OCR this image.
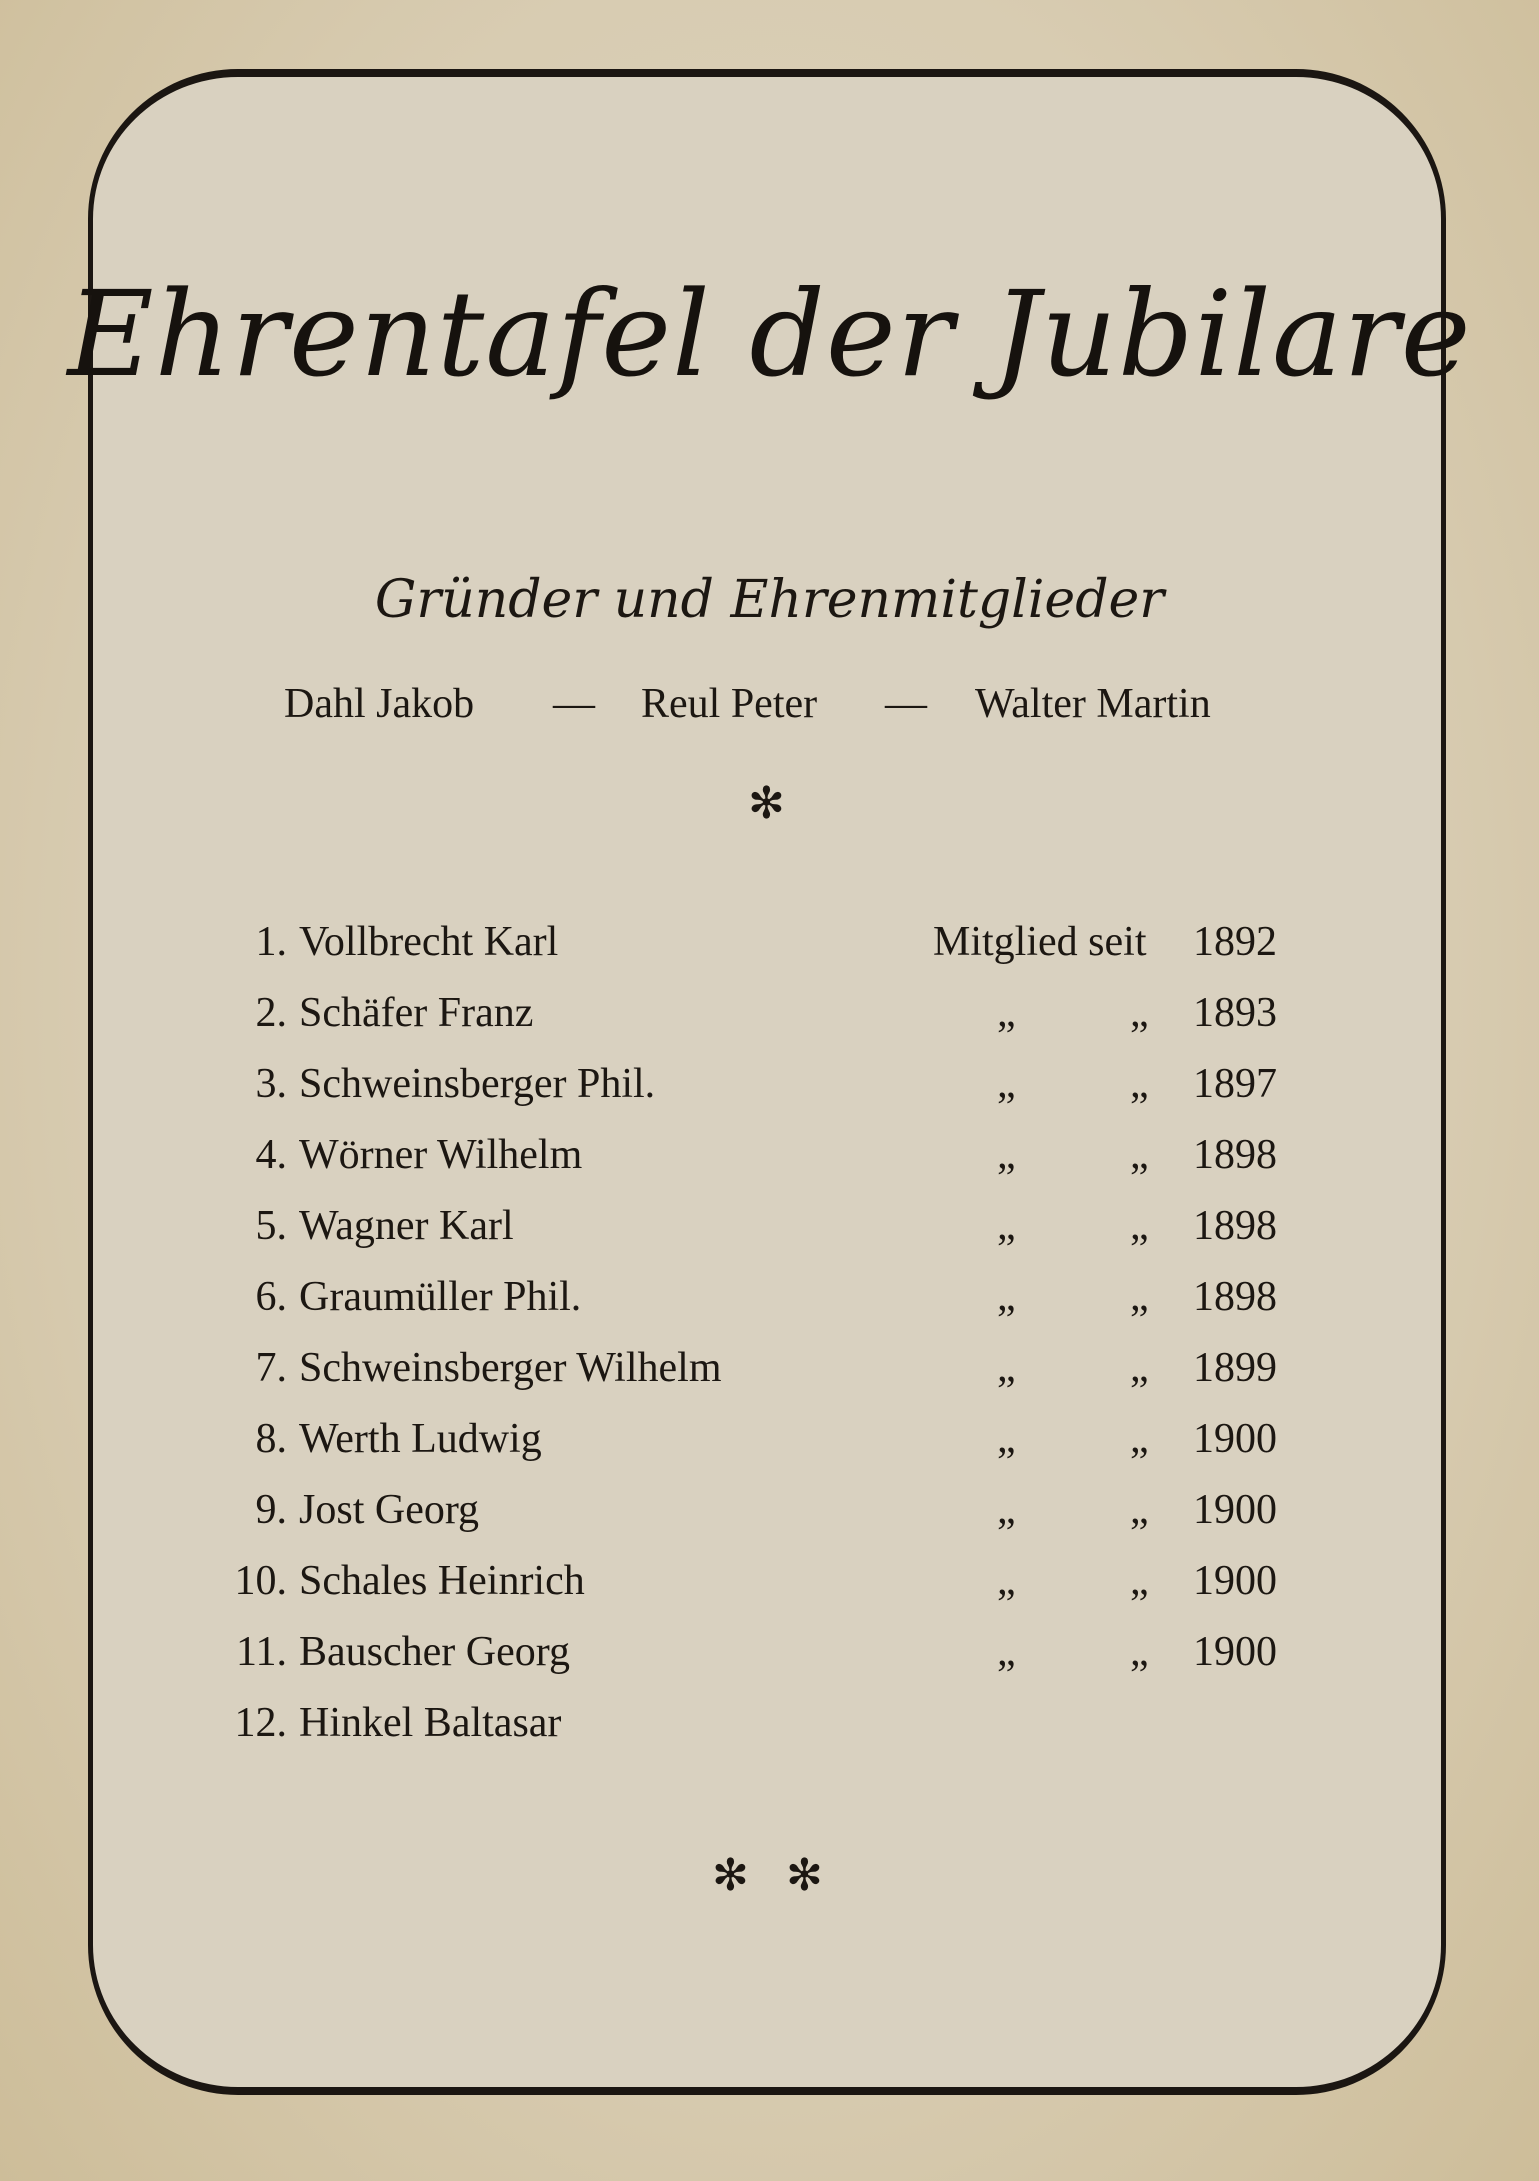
Ehrentafel der Jubilare
Gründer und Ehrenmitglieder
Dahl Jakob — Reul Peter — Walter Martin
✻
1. Vollbrecht Karl	Mitglied seit 1892
2. Schäfer Franz	„	„ 1893
3. Schweinsberger Phil.	„	„ 1897
4. Wörner Wilhelm	„	„ 1898
5. Wagner Karl	„	„ 1898
6. Graumüller Phil.	„	„ 1898
7. Schweinsberger Wilhelm	„	„ 1899
8. Werth Ludwig	„	„ 1900
9. Jost Georg	„	„ 1900
10. Schales Heinrich	„	„ 1900
11. Bauscher Georg	„	„ 1900
12. Hinkel Baltasar
✻ ✻
